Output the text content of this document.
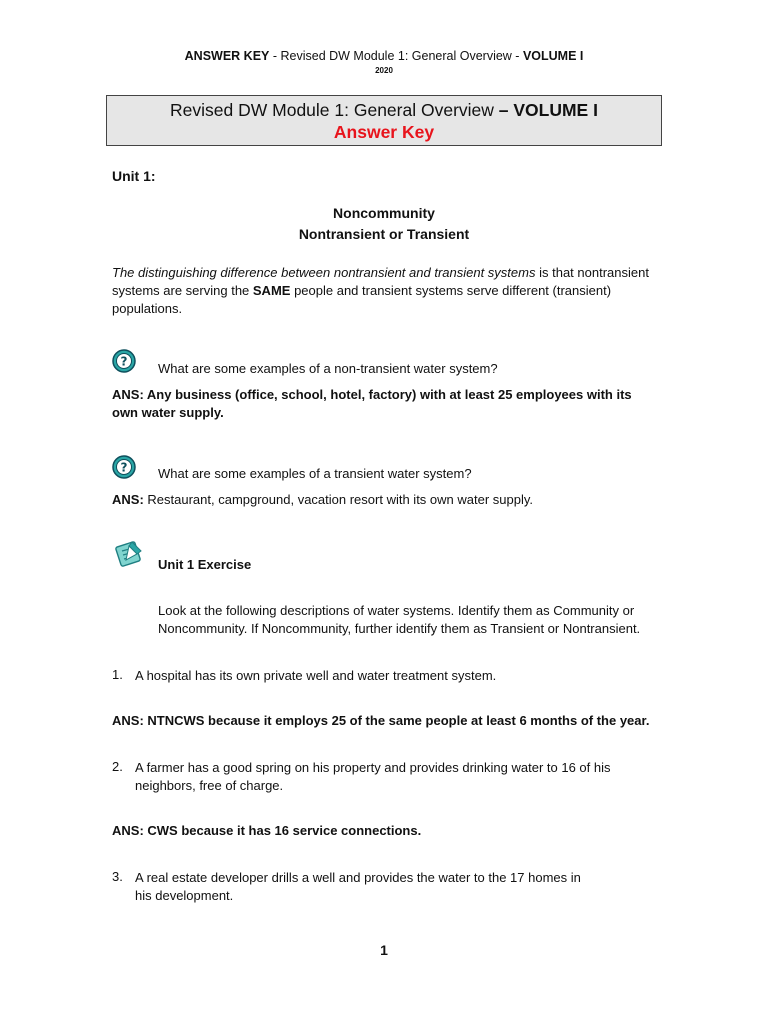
ANSWER KEY - Revised DW Module 1: General Overview - VOLUME I
2020
Revised DW Module 1: General Overview – VOLUME I
Answer Key
Unit 1:
Noncommunity
Nontransient or Transient
The distinguishing difference between nontransient and transient systems is that nontransient systems are serving the SAME people and transient systems serve different (transient) populations.
? What are some examples of a non-transient water system?
ANS: Any business (office, school, hotel, factory) with at least 25 employees with its own water supply.
? What are some examples of a transient water system?
ANS: Restaurant, campground, vacation resort with its own water supply.
Unit 1 Exercise
Look at the following descriptions of water systems. Identify them as Community or Noncommunity. If Noncommunity, further identify them as Transient or Nontransient.
1. A hospital has its own private well and water treatment system.
ANS: NTNCWS because it employs 25 of the same people at least 6 months of the year.
2. A farmer has a good spring on his property and provides drinking water to 16 of his neighbors, free of charge.
ANS: CWS because it has 16 service connections.
3. A real estate developer drills a well and provides the water to the 17 homes in his development.
1
